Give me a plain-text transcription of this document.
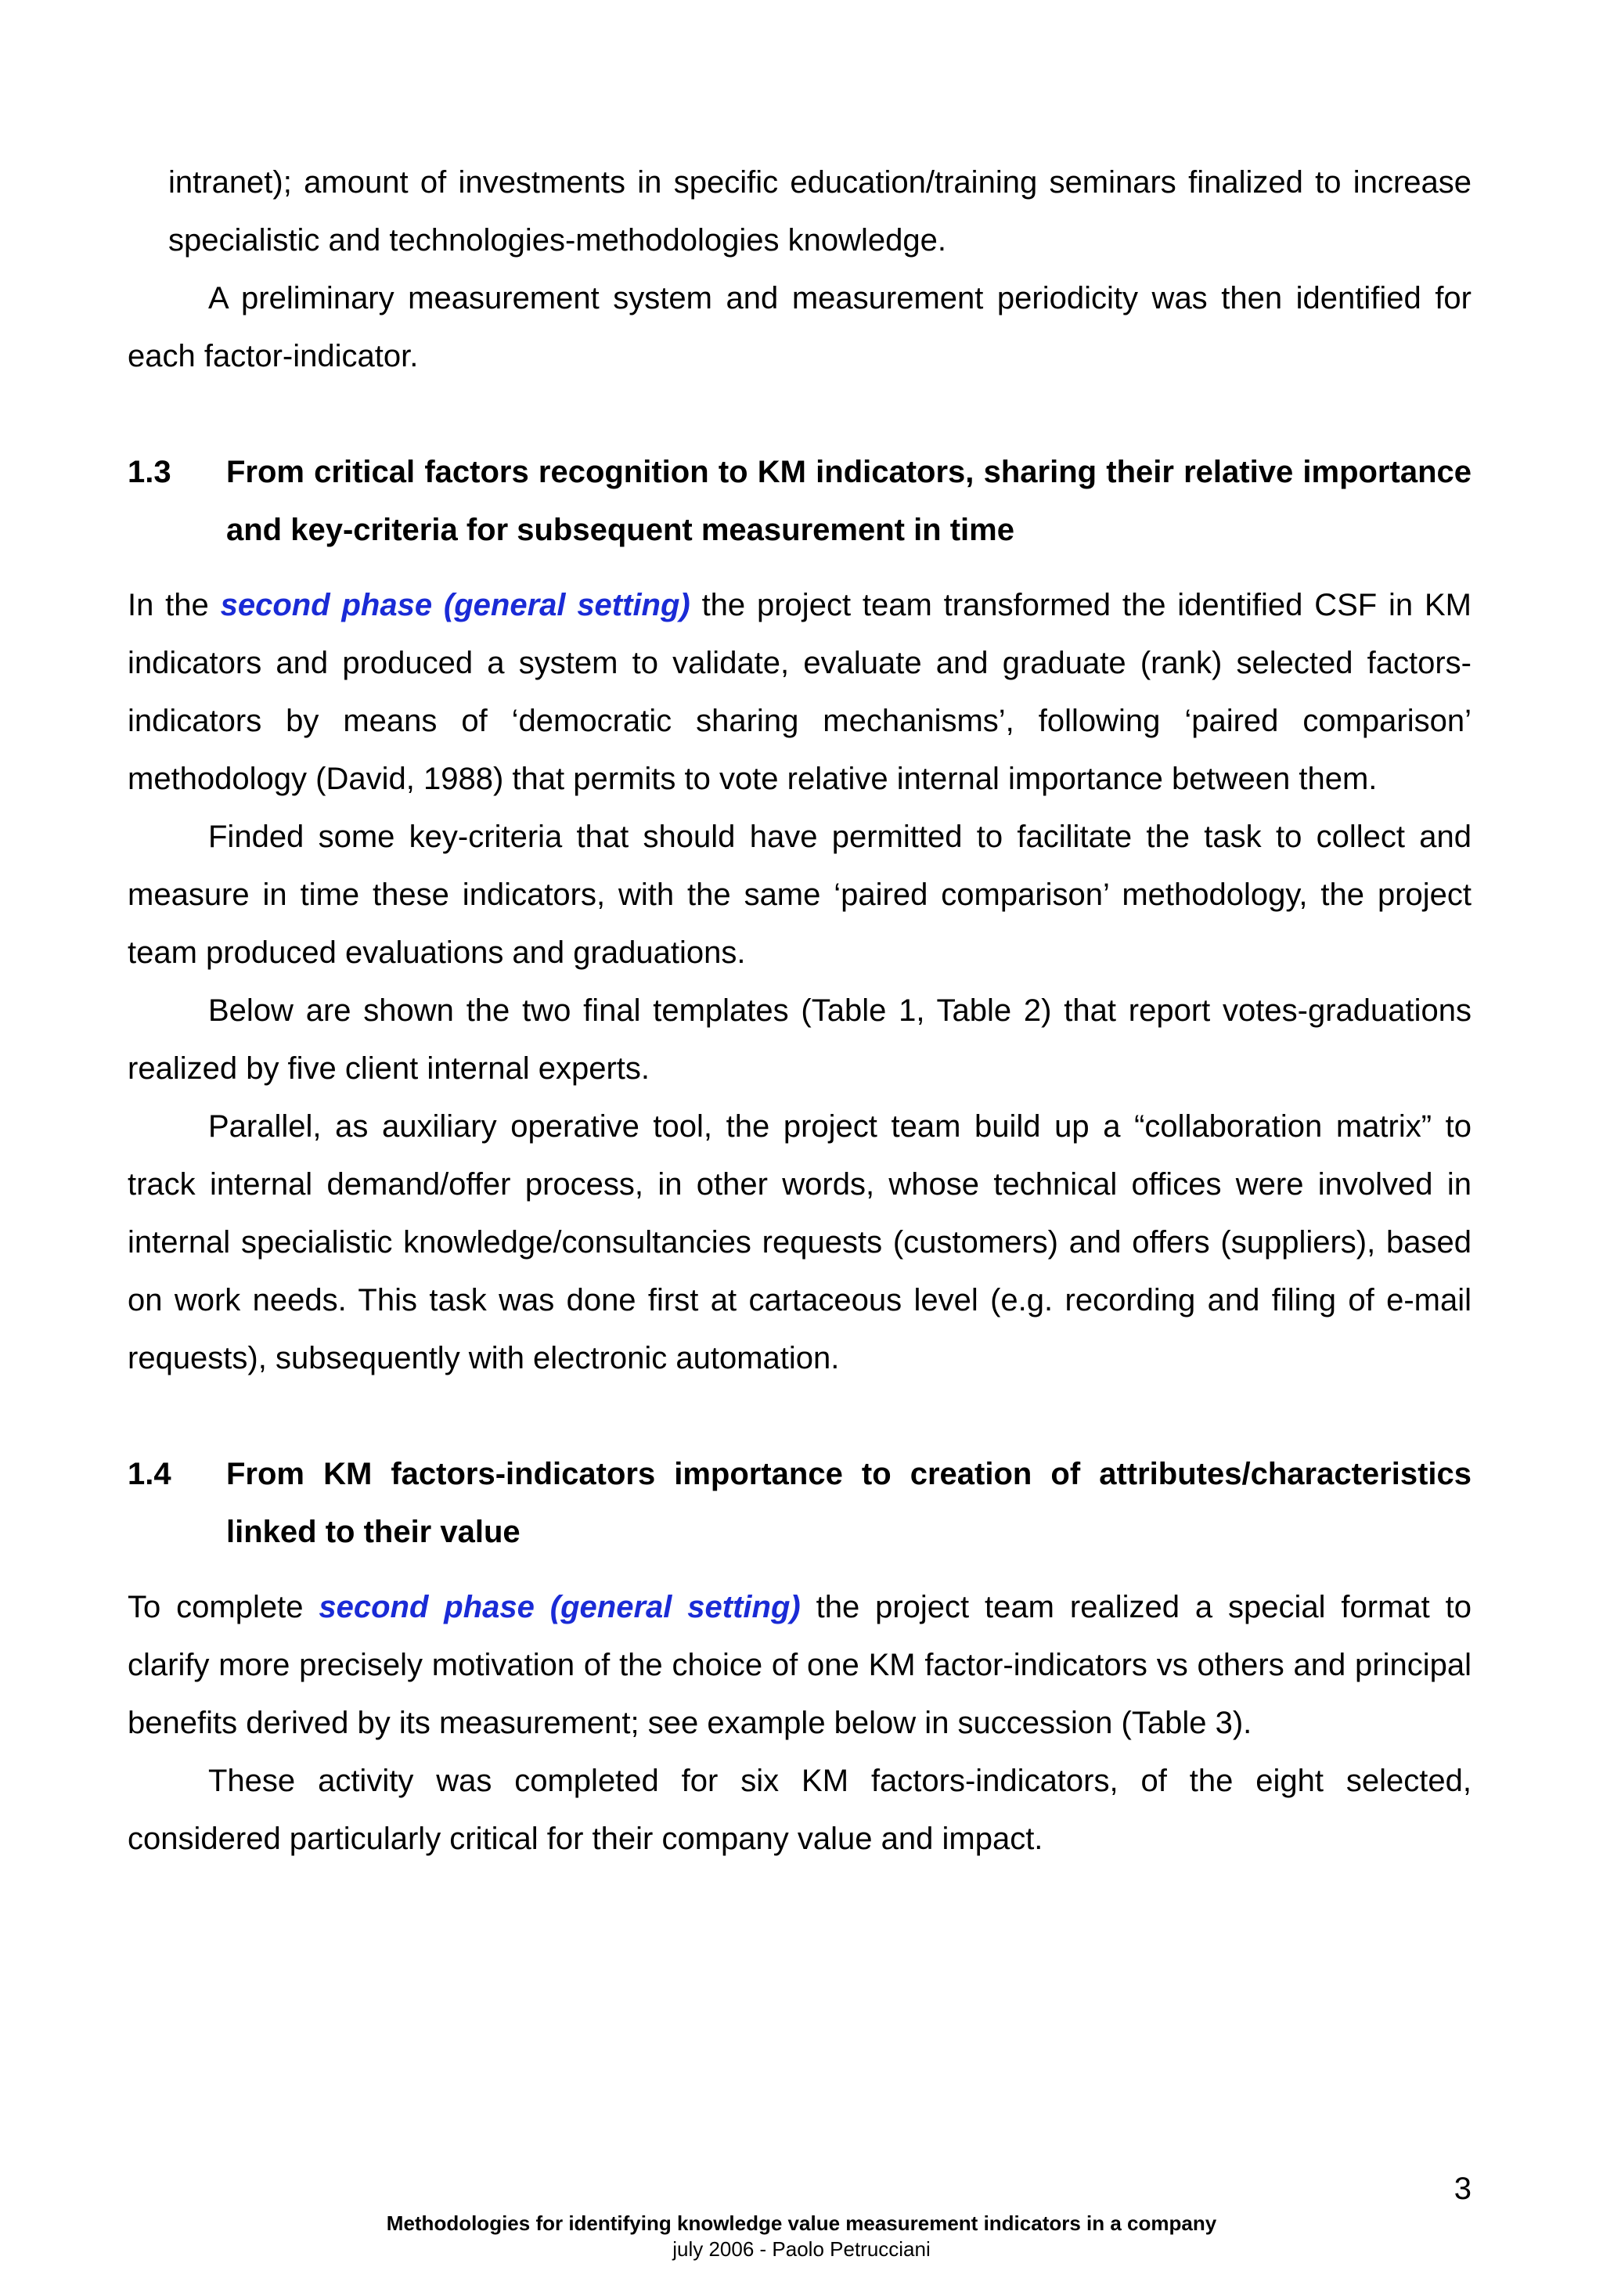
intranet); amount of investments in specific education/training seminars finalized to increase specialistic and technologies-methodologies knowledge.

A preliminary measurement system and measurement periodicity was then identified for each factor-indicator.

1.3 From critical factors recognition to KM indicators, sharing their relative importance and key-criteria for subsequent measurement in time

In the second phase (general setting) the project team transformed the identified CSF in KM indicators and produced a system to validate, evaluate and graduate (rank) selected factors-indicators by means of ‘democratic sharing mechanisms’, following ‘paired comparison’ methodology (David, 1988) that permits to vote relative internal importance between them.

Finded some key-criteria that should have permitted to facilitate the task to collect and measure in time these indicators, with the same ‘paired comparison’ methodology, the project team produced evaluations and graduations.

Below are shown the two final templates (Table 1, Table 2) that report votes-graduations realized by five client internal experts.

Parallel, as auxiliary operative tool, the project team build up a “collaboration matrix” to track internal demand/offer process, in other words, whose technical offices were involved in internal specialistic knowledge/consultancies requests (customers) and offers (suppliers), based on work needs. This task was done first at cartaceous level (e.g. recording and filing of e-mail requests), subsequently with electronic automation.

1.4 From KM factors-indicators importance to creation of attributes/characteristics linked to their value

To complete second phase (general setting) the project team realized a special format to clarify more precisely motivation of the choice of one KM factor-indicators vs others and principal benefits derived by its measurement; see example below in succession (Table 3).

These activity was completed for six KM factors-indicators, of the eight selected, considered particularly critical for their company value and impact.

3
Methodologies for identifying knowledge value measurement indicators in a company
july 2006 - Paolo Petrucciani
